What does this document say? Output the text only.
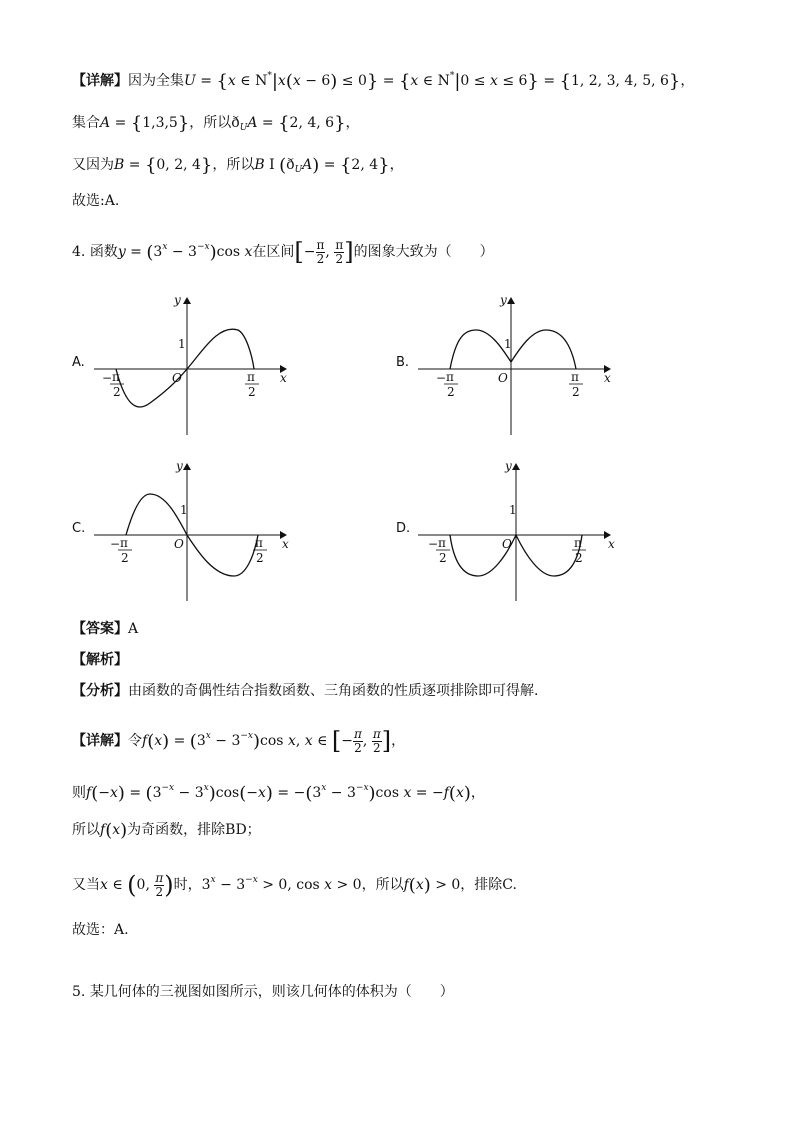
【详解】因为全集U = {x ∈ N*|x(x − 6) ≤ 0} = {x ∈ N*|0 ≤ x ≤ 6} = {1, 2, 3, 4, 5, 6}，
集合A = {1,3,5}，所以$ð_UA = \{2$, 4, 6}，
又因为B = {0, 2, 4}，所以B Ι $(ð_UA) = \{2$, 4}，
故选:A.
4. 函数$y = (3^x - 3^{-x})\cos$ x在区间[− $\frac{\pi}{2}$ , $\frac{\pi}{2}$ ]的图象大致为（　　）
A.	B.
C.	D.
y
x
O
1
− π
2
π
2
y
x
O
1
− π
2
π
2
y
x
O
1
− π
2
π
2
y
x
O
1
− π
2
π
2
【答案】A
【解析】
【分析】由函数的奇偶性结合指数函数、三角函数的性质逐项排除即可得解.
【详解】令$f(x) = (3^x - 3^{-x})\cos$ x, x ∈ [− $\frac{\pi}{2}$ , $\frac{\pi}{2}$ ]，
则$f(-x) = (3^{-x} - 3^x)\cos(-x) = -(3^x - 3^{-x})\cos$ x = −f(x)，
所以f(x)为奇函数，排除BD；
又当x ∈ (0, $\frac{\pi}{2}$ )时，$3^x - 3^{-x} > 0$, cos x > 0，所以f(x) > 0，排除C.
故选：A.
5. 某几何体的三视图如图所示，则该几何体的体积为（　　）
